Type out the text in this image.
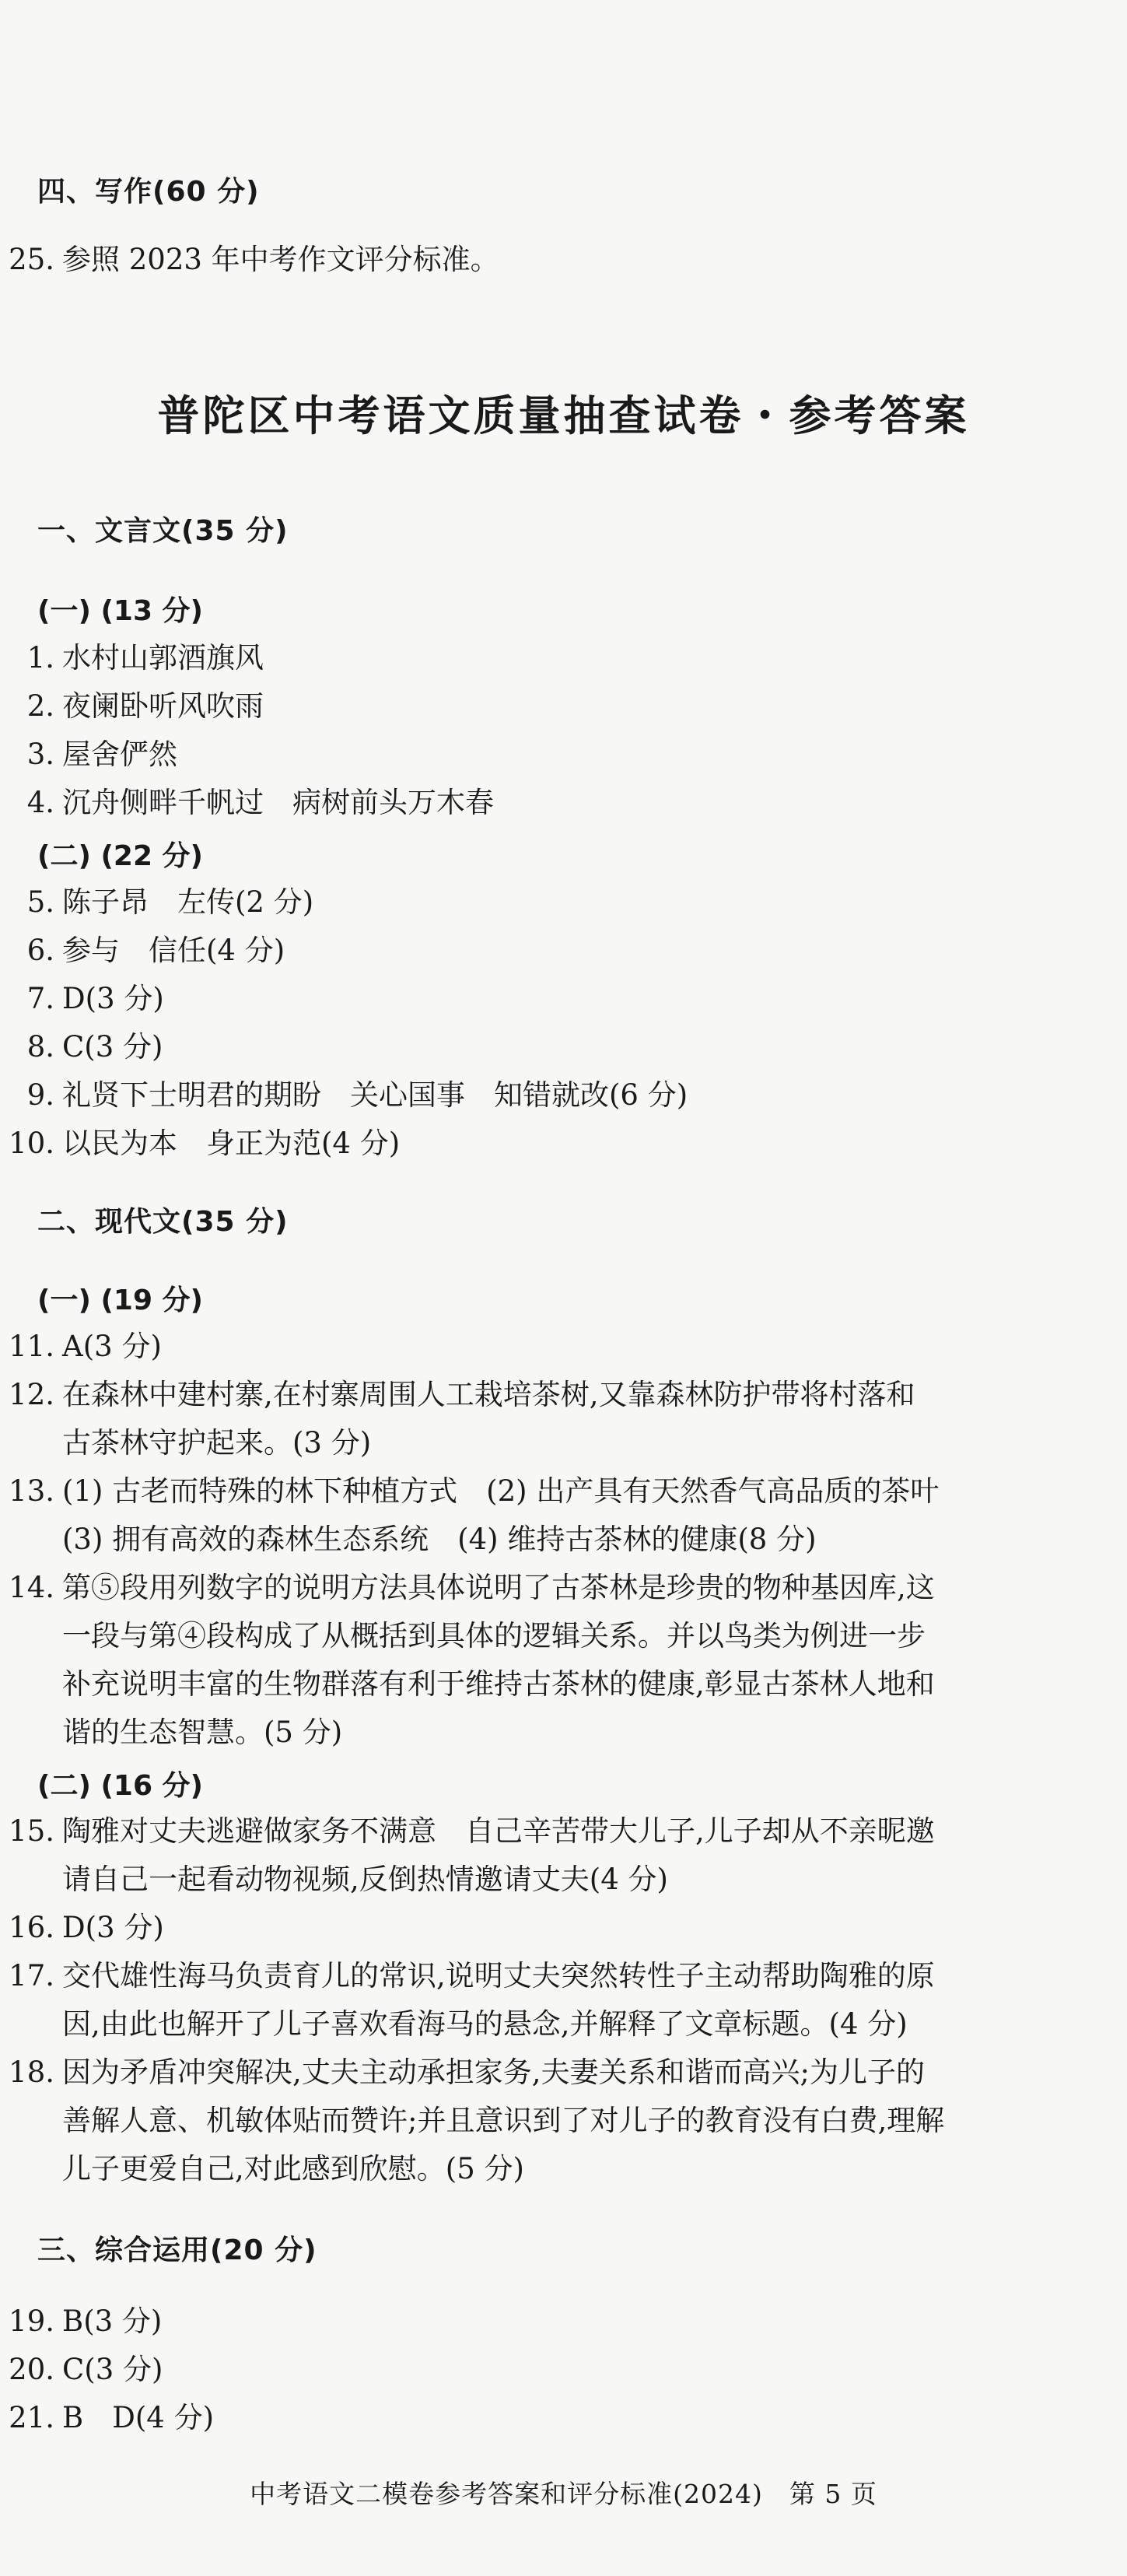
四、写作(60 分)
25. 参照 2023 年中考作文评分标准。
普陀区中考语文质量抽查试卷・参考答案
一、文言文(35 分)
(一) (13 分)
1. 水村山郭酒旗风
2. 夜阑卧听风吹雨
3. 屋舍俨然
4. 沉舟侧畔千帆过　病树前头万木春
(二) (22 分)
5. 陈子昂　左传(2 分)
6. 参与　信任(4 分)
7. D(3 分)
8. C(3 分)
9. 礼贤下士明君的期盼　关心国事　知错就改(6 分)
10. 以民为本　身正为范(4 分)
二、现代文(35 分)
(一) (19 分)
11. A(3 分)
12. 在森林中建村寨,在村寨周围人工栽培茶树,又靠森林防护带将村落和
古茶林守护起来。(3 分)
13. (1) 古老而特殊的林下种植方式　(2) 出产具有天然香气高品质的茶叶
(3) 拥有高效的森林生态系统　(4) 维持古茶林的健康(8 分)
14. 第⑤段用列数字的说明方法具体说明了古茶林是珍贵的物种基因库,这
一段与第④段构成了从概括到具体的逻辑关系。并以鸟类为例进一步
补充说明丰富的生物群落有利于维持古茶林的健康,彰显古茶林人地和
谐的生态智慧。(5 分)
(二) (16 分)
15. 陶雅对丈夫逃避做家务不满意　自己辛苦带大儿子,儿子却从不亲昵邀
请自己一起看动物视频,反倒热情邀请丈夫(4 分)
16. D(3 分)
17. 交代雄性海马负责育儿的常识,说明丈夫突然转性子主动帮助陶雅的原
因,由此也解开了儿子喜欢看海马的悬念,并解释了文章标题。(4 分)
18. 因为矛盾冲突解决,丈夫主动承担家务,夫妻关系和谐而高兴;为儿子的
善解人意、机敏体贴而赞许;并且意识到了对儿子的教育没有白费,理解
儿子更爱自己,对此感到欣慰。(5 分)
三、综合运用(20 分)
19. B(3 分)
20. C(3 分)
21. B　D(4 分)
中考语文二模卷参考答案和评分标准(2024)　第 5 页
